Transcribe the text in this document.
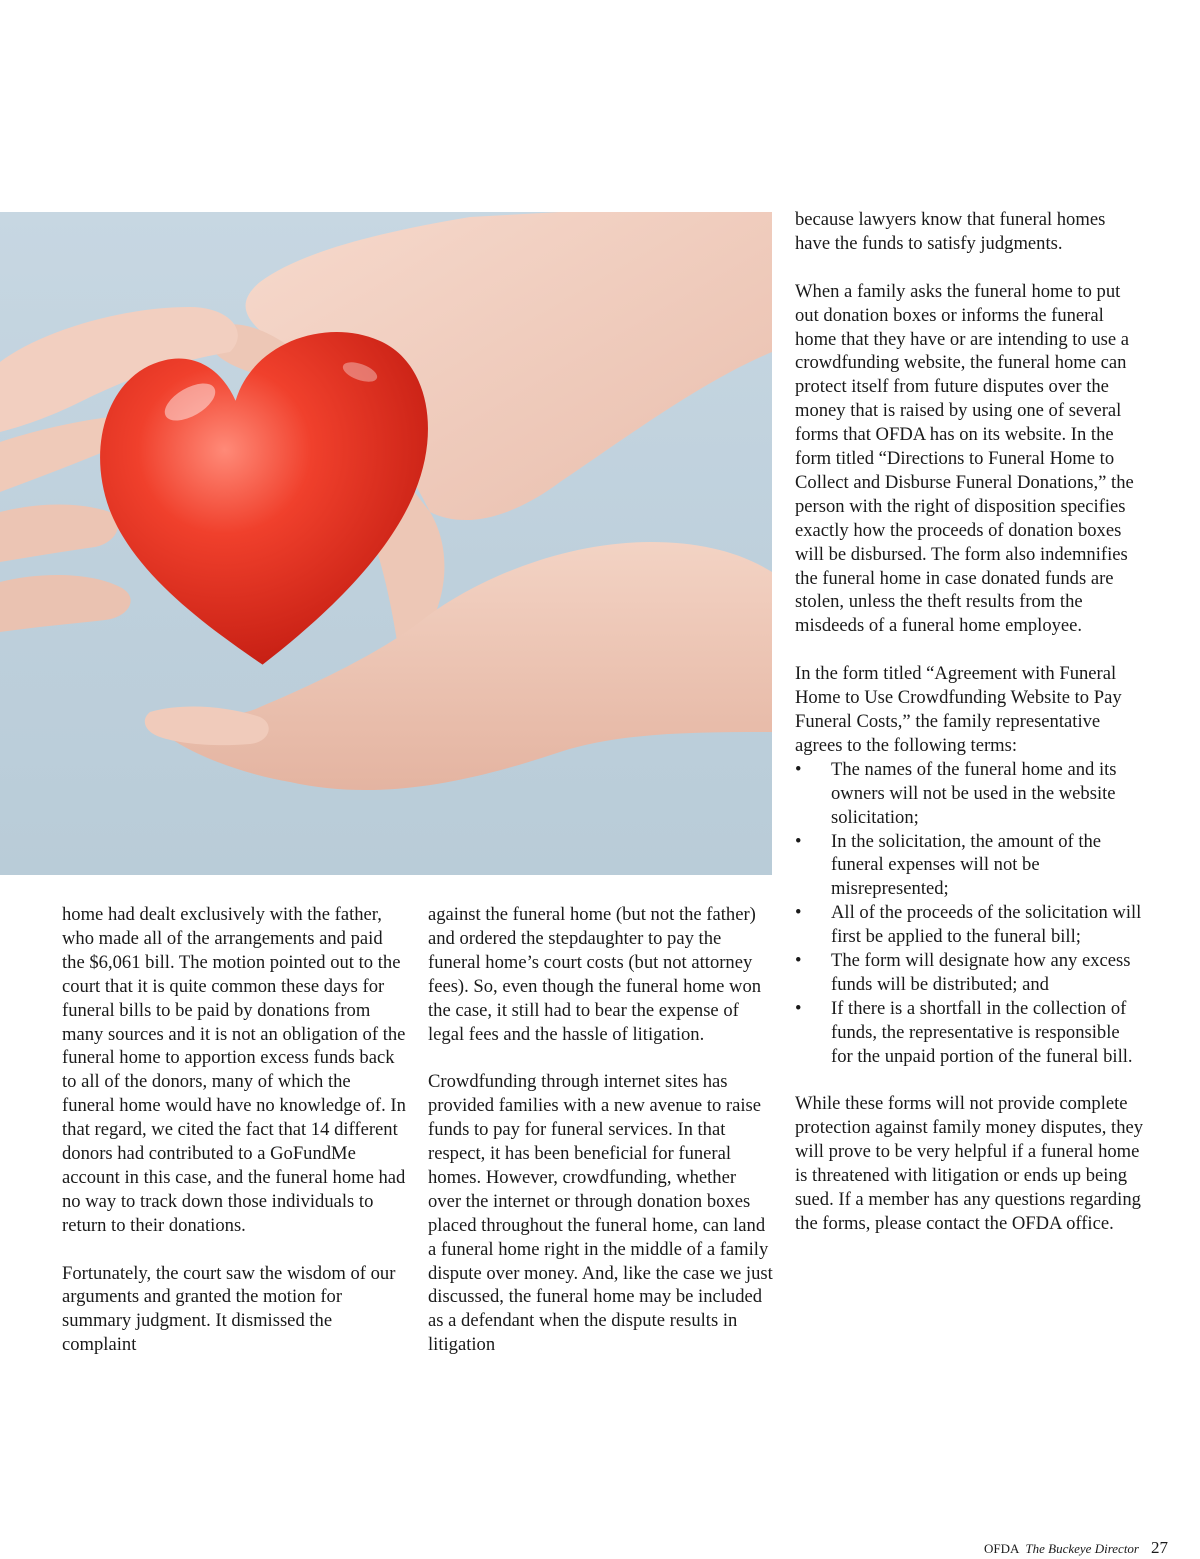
home had dealt exclusively with the father, who made all of the arrangements and paid the $6,061 bill. The motion pointed out to the court that it is quite common these days for funeral bills to be paid by donations from many sources and it is not an obligation of the funeral home to apportion excess funds back to all of the donors, many of which the funeral home would have no knowledge of. In that regard, we cited the fact that 14 different donors had contributed to a GoFundMe account in this case, and the funeral home had no way to track down those individuals to return to their donations.

Fortunately, the court saw the wisdom of our arguments and granted the motion for summary judgment. It dismissed the complaint

against the funeral home (but not the father) and ordered the stepdaughter to pay the funeral home’s court costs (but not attorney fees). So, even though the funeral home won the case, it still had to bear the expense of legal fees and the hassle of litigation.

Crowdfunding through internet sites has provided families with a new avenue to raise funds to pay for funeral services. In that respect, it has been beneficial for funeral homes. However, crowdfunding, whether over the internet or through donation boxes placed throughout the funeral home, can land a funeral home right in the middle of a family dispute over money. And, like the case we just discussed, the funeral home may be included as a defendant when the dispute results in litigation

because lawyers know that funeral homes have the funds to satisfy judgments.

When a family asks the funeral home to put out donation boxes or informs the funeral home that they have or are intending to use a crowdfunding website, the funeral home can protect itself from future disputes over the money that is raised by using one of several forms that OFDA has on its website. In the form titled “Directions to Funeral Home to Collect and Disburse Funeral Donations,” the person with the right of disposition specifies exactly how the proceeds of donation boxes will be disbursed. The form also indemnifies the funeral home in case donated funds are stolen, unless the theft results from the misdeeds of a funeral home employee.

In the form titled “Agreement with Funeral Home to Use Crowdfunding Website to Pay Funeral Costs,” the family representative agrees to the following terms:

• The names of the funeral home and its owners will not be used in the website solicitation;
• In the solicitation, the amount of the funeral expenses will not be misrepresented;
• All of the proceeds of the solicitation will first be applied to the funeral bill;
• The form will designate how any excess funds will be distributed; and
• If there is a shortfall in the collection of funds, the representative is responsible for the unpaid portion of the funeral bill.

While these forms will not provide complete protection against family money disputes, they will prove to be very helpful if a funeral home is threatened with litigation or ends up being sued. If a member has any questions regarding the forms, please contact the OFDA office.

OFDA The Buckeye Director 27
